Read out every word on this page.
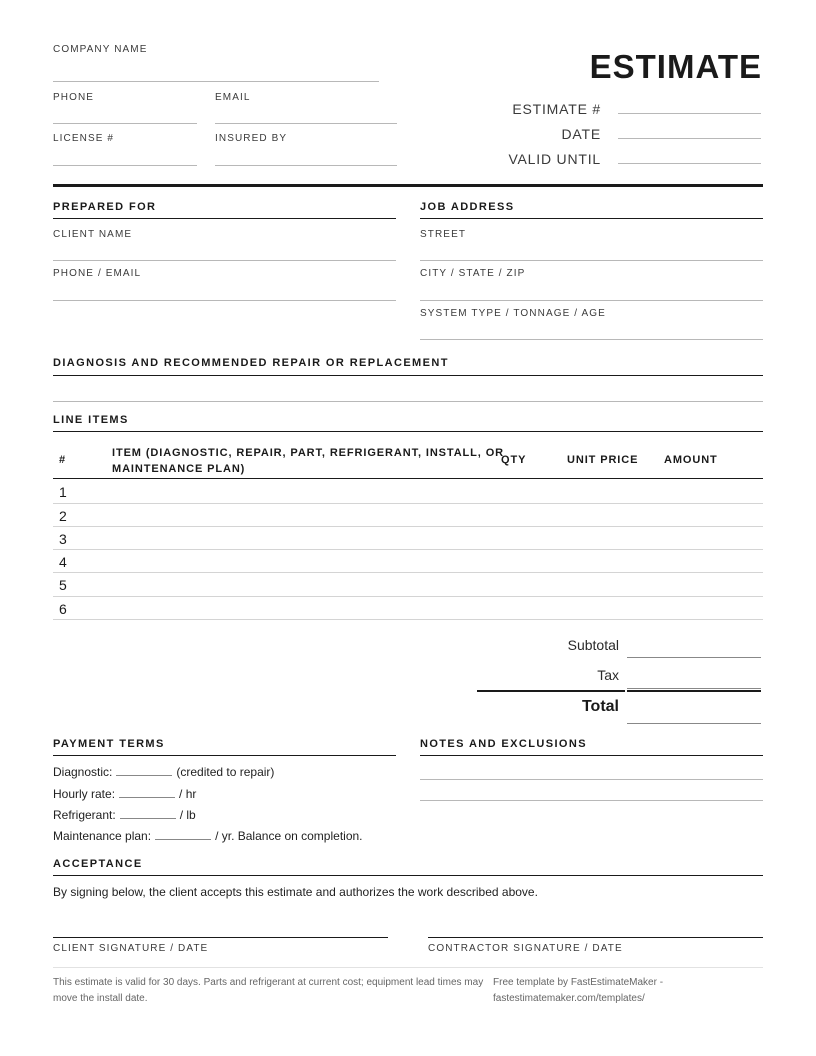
COMPANY NAME
PHONE	EMAIL
LICENSE #	INSURED BY
ESTIMATE
ESTIMATE #
DATE
VALID UNTIL
PREPARED FOR
CLIENT NAME
PHONE / EMAIL
JOB ADDRESS
STREET
CITY / STATE / ZIP
SYSTEM TYPE / TONNAGE / AGE
DIAGNOSIS AND RECOMMENDED REPAIR OR REPLACEMENT
LINE ITEMS
#
ITEM (DIAGNOSTIC, REPAIR, PART, REFRIGERANT, INSTALL, OR
MAINTENANCE PLAN)
QTY	UNIT PRICE AMOUNT
1
2
3
4
5
6
Subtotal
Tax
Total
PAYMENT TERMS
Diagnostic:	(credited to repair)
Hourly rate:	/ hr
Refrigerant:	/ lb
Maintenance plan:	/ yr. Balance on completion.
NOTES AND EXCLUSIONS
ACCEPTANCE
By signing below, the client accepts this estimate and authorizes the work described above.
CLIENT SIGNATURE / DATE	CONTRACTOR SIGNATURE / DATE
This estimate is valid for 30 days. Parts and refrigerant at current cost; equipment lead times may
move the install date.
Free template by FastEstimateMaker -
fastestimatemaker.com/templates/
